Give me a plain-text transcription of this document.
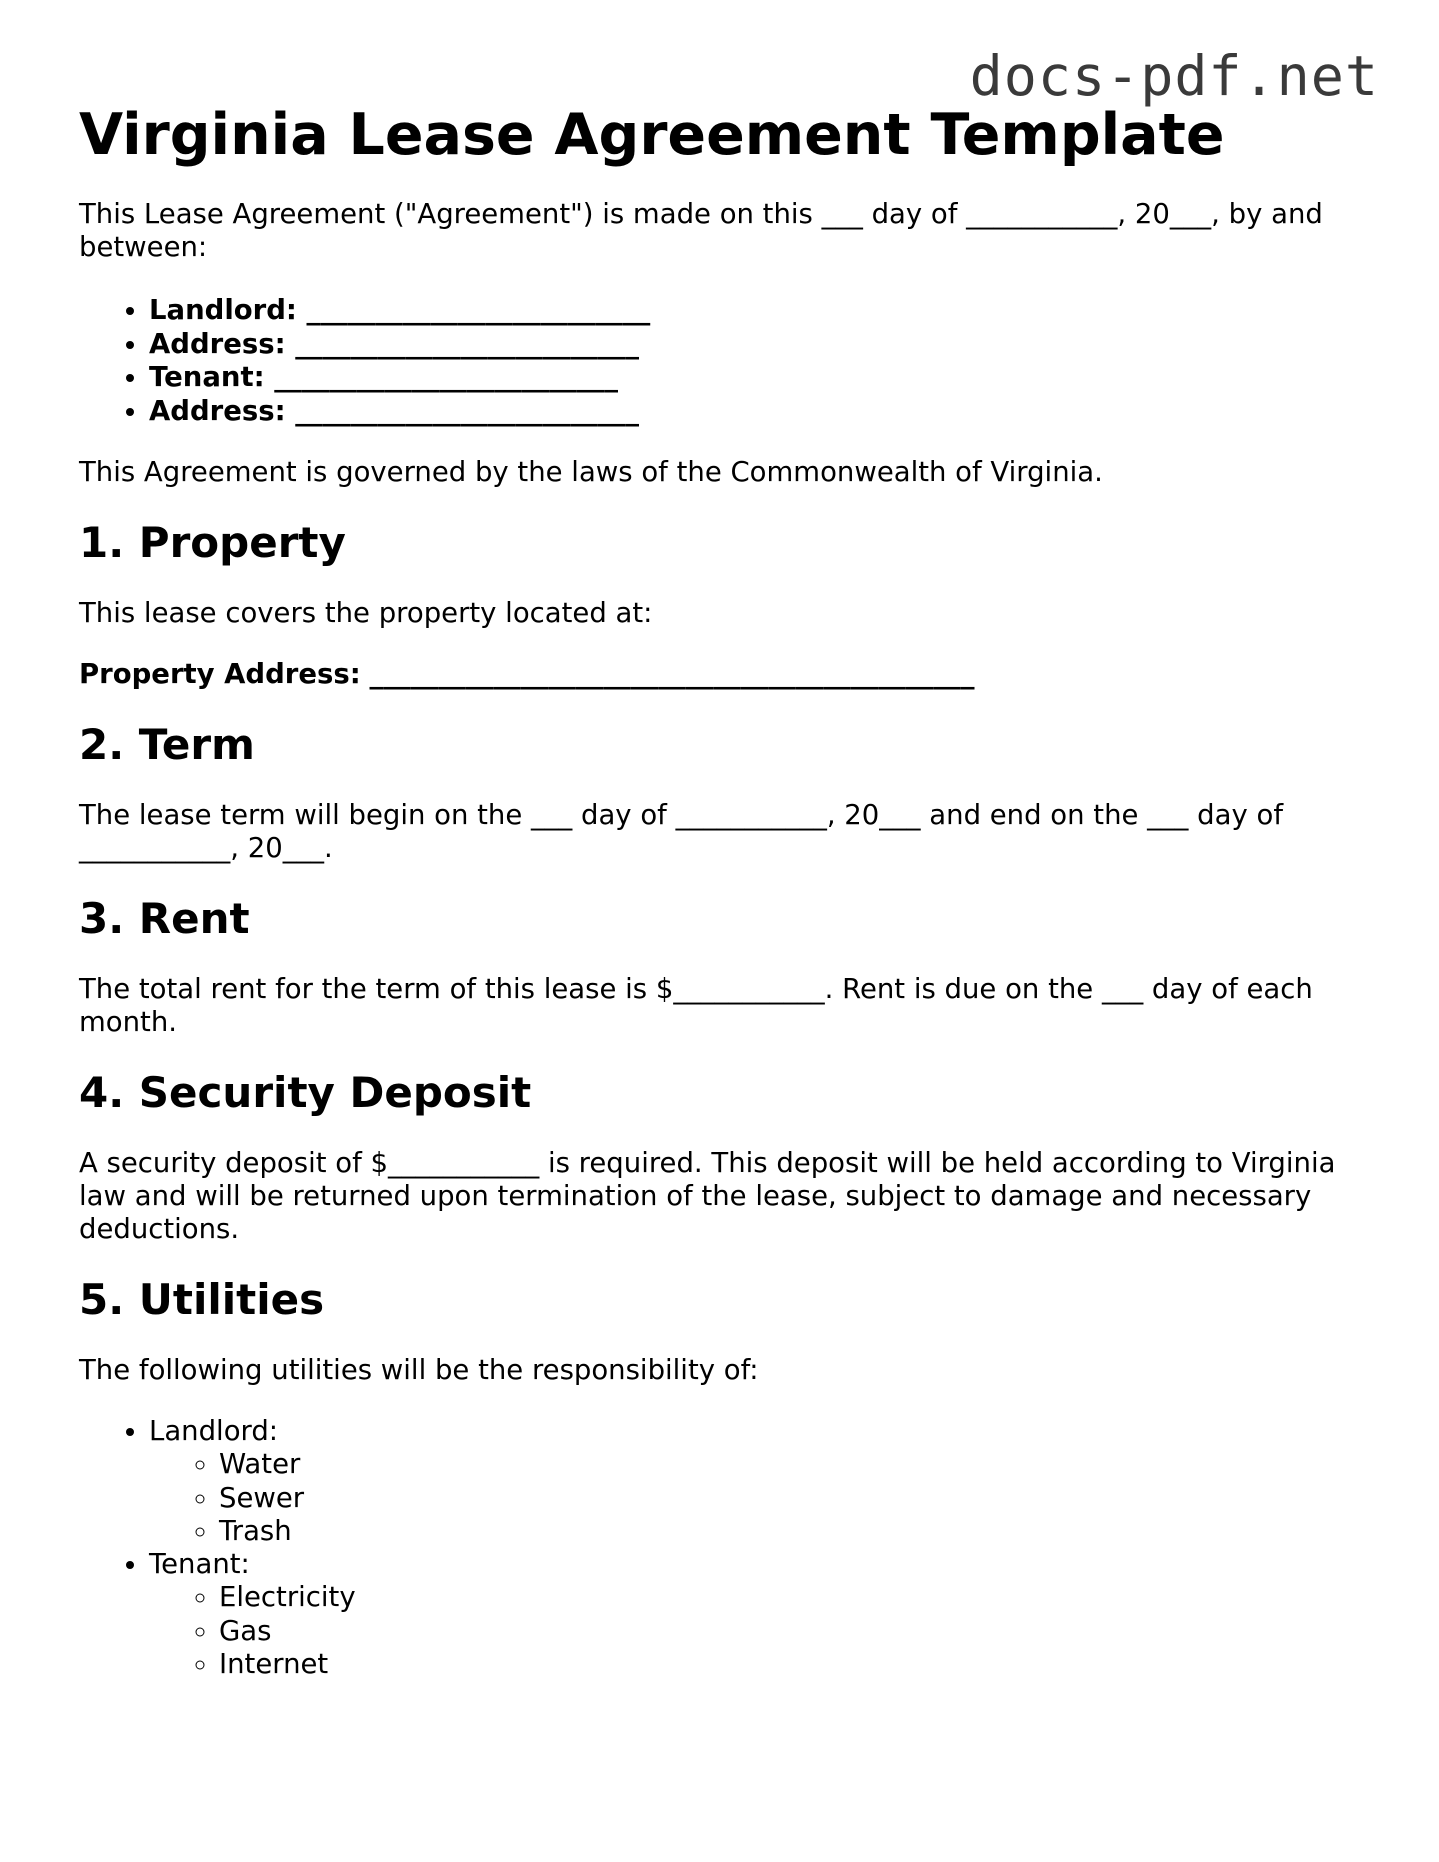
docs-pdf.net
Virginia Lease Agreement Template

This Lease Agreement ("Agreement") is made on this ___ day of ___________, 20___, by and between:

• Landlord: _________________________
• Address: _________________________
• Tenant: _________________________
• Address: _________________________

This Agreement is governed by the laws of the Commonwealth of Virginia.

1. Property

This lease covers the property located at:

Property Address: ____________________________________________

2. Term

The lease term will begin on the ___ day of ___________, 20___ and end on the ___ day of ___________, 20___.

3. Rent

The total rent for the term of this lease is $___________. Rent is due on the ___ day of each month.

4. Security Deposit

A security deposit of $___________ is required. This deposit will be held according to Virginia law and will be returned upon termination of the lease, subject to damage and necessary deductions.

5. Utilities

The following utilities will be the responsibility of:

• Landlord:
◦ Water
◦ Sewer
◦ Trash
• Tenant:
◦ Electricity
◦ Gas
◦ Internet
